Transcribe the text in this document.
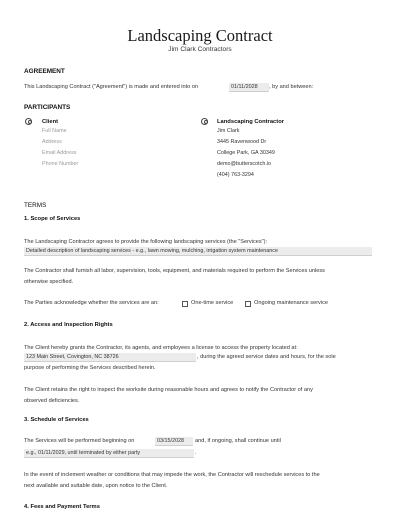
Landscaping Contract
Jim Clark Contractors
AGREEMENT
This Landscaping Contract ("Agreement") is made and entered into on	01/11/2028	, by and between:
PARTICIPANTS
Client
Full Name
Address
Email Address
Phone Number
Landscaping Contractor
Jim Clark
3445 Ravenwood Dr
College Park, GA 30349
demo@butterscotch.io
(404) 763-3294
TERMS
1. Scope of Services
The Landscaping Contractor agrees to provide the following landscaping services (the "Services"):
Detailed description of landscaping services - e.g., lawn mowing, mulching, irrigation system maintenance
The Contractor shall furnish all labor, supervision, tools, equipment, and materials required to perform the Services unless
otherwise specified.
The Parties acknowledge whether the services are an:	One-time service	Ongoing maintenance service
2. Access and Inspection Rights
The Client hereby grants the Contractor, its agents, and employees a license to access the property located at:
123 Main Street, Covington, NC 38726	, during the agreed service dates and hours, for the sole
purpose of performing the Services described herein.
The Client retains the right to inspect the worksite during reasonable hours and agrees to notify the Contractor of any
observed deficiencies.
3. Schedule of Services
The Services will be performed beginning on	03/15/2028	and, if ongoing, shall continue until
e.g., 01/11/2029, until terminated by either party	.
In the event of inclement weather or conditions that may impede the work, the Contractor will reschedule services to the
next available and suitable date, upon notice to the Client.
4. Fees and Payment Terms
